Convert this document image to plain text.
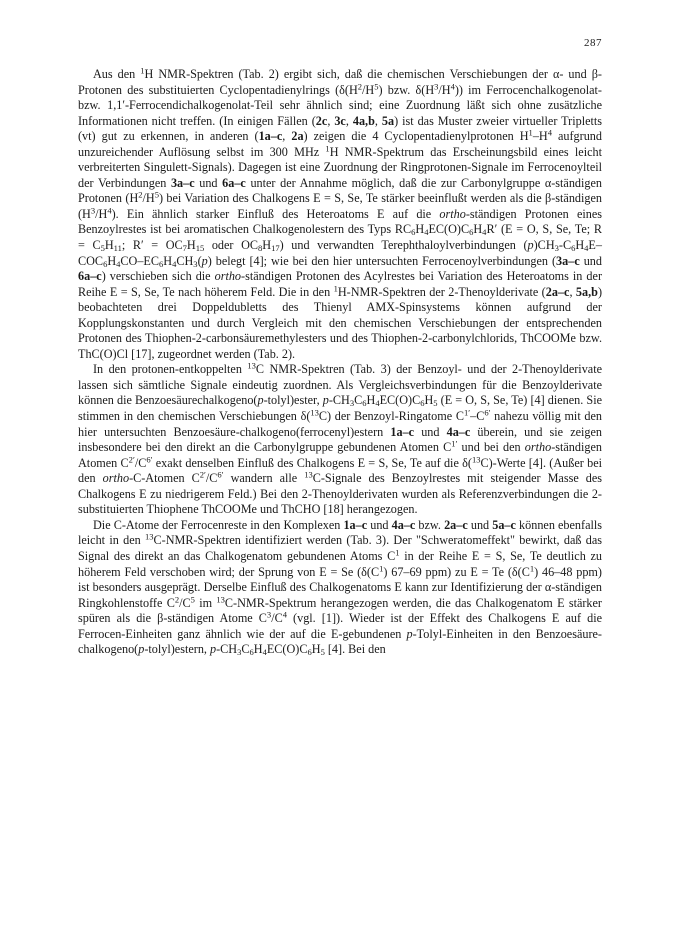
287

Aus den $^1$H NMR-Spektren (Tab. 2) ergibt sich, daß die chemischen Verschiebungen der α- und β-Protonen des substituierten Cyclopentadienylrings ($\delta(H^2/H^5)$ bzw. $\delta(H^3/H^4)$) im Ferrocenchalkogenolat- bzw. 1,1′-Ferrocendichalkogenolat-Teil sehr ähnlich sind; eine Zuordnung läßt sich ohne zusätzliche Informationen nicht treffen. (In einigen Fällen (2c, 3c, 4a,b, 5a) ist das Muster zweier virtueller Tripletts (vt) gut zu erkennen, in anderen (1a–c, 2a) zeigen die 4 Cyclopentadienylprotonen $H^1-H^4$ aufgrund unzureichender Auflösung selbst im 300 MHz $^1$H NMR-Spektrum das Erscheinungsbild eines leicht verbreiterten Singulett-Signals). Dagegen ist eine Zuordnung der Ringprotonen-Signale im Ferrocenoylteil der Verbindungen 3a–c und 6a–c unter der Annahme möglich, daß die zur Carbonylgruppe α-ständigen Protonen $(H^2/H^5)$ bei Variation des Chalkogens E = S, Se, Te stärker beeinflußt werden als die β-ständigen $(H^3/H^4)$. Ein ähnlich starker Einfluß des Heteroatoms E auf die ortho-ständigen Protonen eines Benzoylrestes ist bei aromatischen Chalkogenolestern des Typs $RC_6H_4EC(O)C_6H_4R'$ (E = O, S, Se, Te; $R = C_5H_{11}$; $R' = OC_7H_{15}$ oder $OC_8H_{17}$) und verwandten Terephthaloylverbindungen $(p)CH_3-C_6H_4E-COC_6H_4CO-EC_6H_4CH_3(p)$ belegt [4]; wie bei den hier untersuchten Ferrocenoylverbindungen (3a–c und 6a–c) verschieben sich die ortho-ständigen Protonen des Acylrestes bei Variation des Heteroatoms in der Reihe E = S, Se, Te nach höherem Feld. Die in den $^1$H-NMR-Spektren der 2-Thenoylderivate (2a–c, 5a,b) beobachteten drei Doppeldubletts des Thienyl AMX-Spinsystems können aufgrund der Kopplungskonstanten und durch Vergleich mit den chemischen Verschiebungen der entsprechenden Protonen des Thiophen-2-carbonsäuremethylesters und des Thiophen-2-carbonylchlorids, ThCOOMe bzw. ThC(O)Cl [17], zugeordnet werden (Tab. 2).

In den protonen-entkoppelten $^{13}$C NMR-Spektren (Tab. 3) der Benzoyl- und der 2-Thenoylderivate lassen sich sämtliche Signale eindeutig zuordnen. Als Vergleichsverbindungen für die Benzoylderivate können die Benzoesäurechalkogeno(p-tolyl)ester, $p-CH_3C_6H_4EC(O)C_6H_5$ (E = O, S, Se, Te) [4] dienen. Sie stimmen in den chemischen Verschiebungen δ($^{13}$C) der Benzoyl-Ringatome $C^{1'}-C^{6'}$ nahezu völlig mit den hier untersuchten Benzoesäure-chalkogeno(ferrocenyl)estern 1a–c und 4a–c überein, und sie zeigen insbesondere bei den direkt an die Carbonylgruppe gebundenen Atomen $C^{1'}$ und bei den ortho-ständigen Atomen $C^{2'}/C^{6'}$ exakt denselben Einfluß des Chalkogens E = S, Se, Te auf die δ($^{13}$C)-Werte [4]. (Außer bei den ortho-C-Atomen $C^{2'}/C^{6'}$ wandern alle $^{13}$C-Signale des Benzoylrestes mit steigender Masse des Chalkogens E zu niedrigerem Feld.) Bei den 2-Thenoylderivaten wurden als Referenzverbindungen die 2-substituierten Thiophene ThCOOMe und ThCHO [18] herangezogen.

Die C-Atome der Ferrocenreste in den Komplexen 1a–c und 4a–c bzw. 2a–c und 5a–c können ebenfalls leicht in den $^{13}$C-NMR-Spektren identifiziert werden (Tab. 3). Der "Schweratomeffekt" bewirkt, daß das Signal des direkt an das Chalkogenatom gebundenen Atoms $C^1$ in der Reihe E = S, Se, Te deutlich zu höherem Feld verschoben wird; der Sprung von E = Se ($\delta(C^1)$ 67–69 ppm) zu E = Te ($\delta(C^1)$ 46–48 ppm) ist besonders ausgeprägt. Derselbe Einfluß des Chalkogenatoms E kann zur Identifizierung der α-ständigen Ringkohlenstoffe $C^2/C^5$ im $^{13}$C-NMR-Spektrum herangezogen werden, die das Chalkogenatom E stärker spüren als die β-ständigen Atome $C^3/C^4$ (vgl. [1]). Wieder ist der Effekt des Chalkogens E auf die Ferrocen-Einheiten ganz ähnlich wie der auf die E-gebundenen p-Tolyl-Einheiten in den Benzoesäure-chalkogeno(p-tolyl)estern, $p-CH_3C_6H_4EC(O)C_6H_5$ [4]. Bei den
